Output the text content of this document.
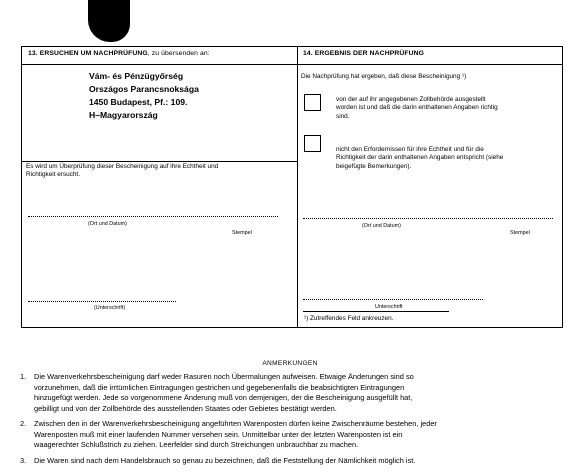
13. ERSUCHEN UM NACHPRÜFUNG, zu übersenden an:
Vám- és Pénzügyőrség
Országos Parancsnoksága
1450 Budapest, Pf.: 109.
H–Magyarország
Es wird um Überprüfung dieser Bescheinigung auf ihre Echtheit und
Richtigkeit ersucht.
(Ort und Datum)
Stempel
(Unterschrift)
14. ERGEBNIS DER NACHPRÜFUNG
Die Nachprüfung hat ergeben, daß diese Bescheinigung ¹)
von der auf ihr angegebenen Zollbehörde ausgestellt
worden ist und daß die darin enthaltenen Angaben richtig
sind.
nicht den Erfordernissen für ihre Echtheit und für die
Richtigkeit der darin enthaltenen Angaben entspricht (siehe
beigefügte Bemerkungen).
(Ort und Datum)
Stempel
Unterschrift
¹) Zutreffendes Feld ankreuzen.
ANMERKUNGEN
1. Die Warenverkehrsbescheinigung darf weder Rasuren noch Übermalungen aufweisen. Etwaige Änderungen sind so
vorzunehmen, daß die irrtümlichen Eintragungen gestrichen und gegebenenfalls die beabsichtigten Eintragungen
hinzugefügt werden. Jede so vorgenommene Änderung muß von demjenigen, der die Bescheinigung ausgefüllt hat,
gebilligt und von der Zollbehörde des ausstellenden Staates oder Gebietes bestätigt werden.
2. Zwischen den in der Warenverkehrsbescheinigung angeführten Warenposten dürfen keine Zwischenräume bestehen, jeder
Warenposten muß mit einer laufenden Nummer versehen sein. Unmittelbar unter der letzten Warenposten ist ein
waagerechter Schlußstrich zu ziehen. Leerfelder sind durch Streichungen unbrauchbar zu machen.
3. Die Waren sind nach dem Handelsbrauch so genau zu bezeichnen, daß die Feststellung der Nämlichkeit möglich ist.
